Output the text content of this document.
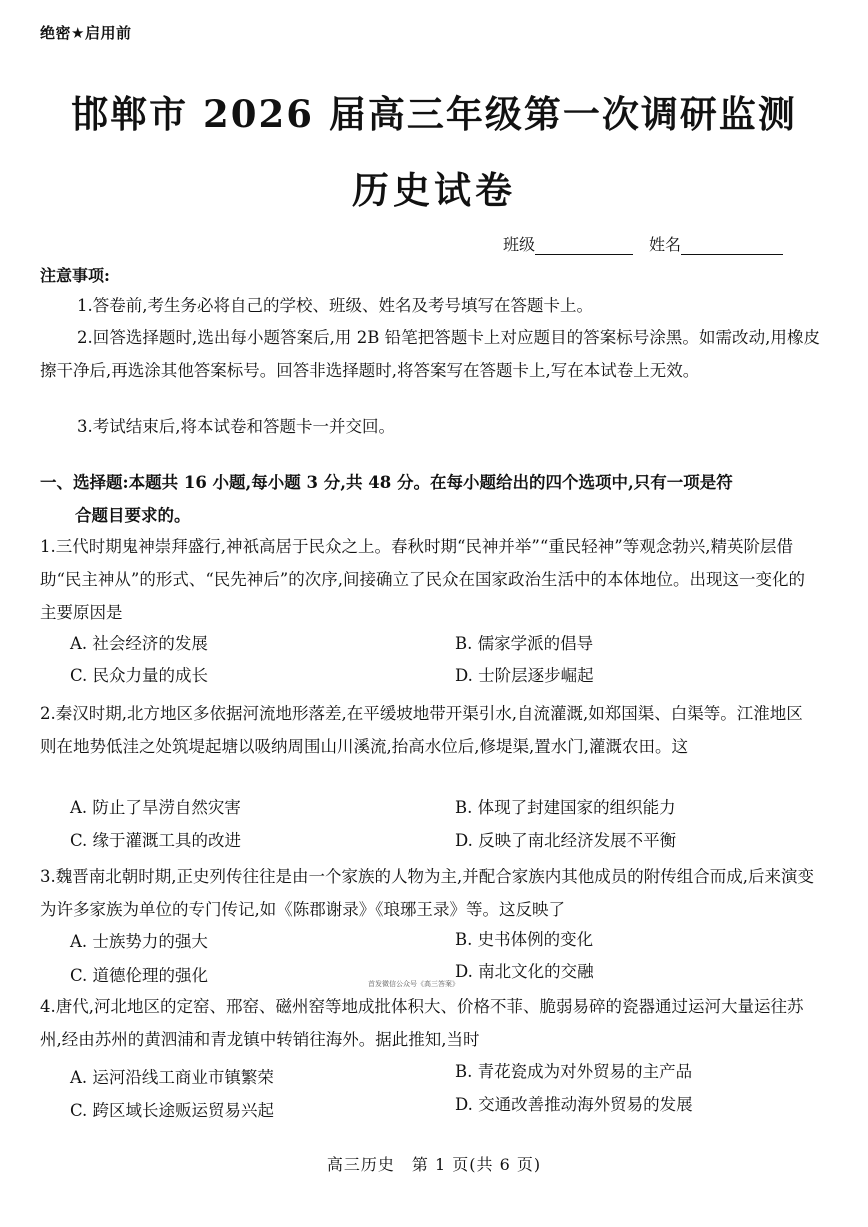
绝密★启用前
邯郸市 2026 届高三年级第一次调研监测
历史试卷
班级	姓名
注意事项:

1.答卷前,考生务必将自己的学校、班级、姓名及考号填写在答题卡上。

2.回答选择题时,选出每小题答案后,用 2B 铅笔把答题卡上对应题目的答案标号涂黑。如需改动,用橡皮擦干净后,再选涂其他答案标号。回答非选择题时,将答案写在答题卡上,写在本试卷上无效。

3.考试结束后,将本试卷和答题卡一并交回。

一、选择题:本题共 16 小题,每小题 3 分,共 48 分。在每小题给出的四个选项中,只有一项是符
合题目要求的。

1.三代时期鬼神崇拜盛行,神祇高居于民众之上。春秋时期“民神并举”“重民轻神”等观念勃兴,精英阶层借助“民主神从”的形式、“民先神后”的次序,间接确立了民众在国家政治生活中的本体地位。出现这一变化的主要原因是

A. 社会经济的发展	B. 儒家学派的倡导
C. 民众力量的成长	D. 士阶层逐步崛起

2.秦汉时期,北方地区多依据河流地形落差,在平缓坡地带开渠引水,自流灌溉,如郑国渠、白渠等。江淮地区则在地势低洼之处筑堤起塘以吸纳周围山川溪流,抬高水位后,修堤渠,置水门,灌溉农田。这

A. 防止了旱涝自然灾害	B. 体现了封建国家的组织能力
C. 缘于灌溉工具的改进	D. 反映了南北经济发展不平衡

3.魏晋南北朝时期,正史列传往往是由一个家族的人物为主,并配合家族内其他成员的附传组合而成,后来演变为许多家族为单位的专门传记,如《陈郡谢录》《琅琊王录》等。这反映了

A. 士族势力的强大	B. 史书体例的变化
C. 道德伦理的强化	D. 南北文化的交融
首发微信公众号《高三答案》

4.唐代,河北地区的定窑、邢窑、磁州窑等地成批体积大、价格不菲、脆弱易碎的瓷器通过运河大量运往苏州,经由苏州的黄泗浦和青龙镇中转销往海外。据此推知,当时

A. 运河沿线工商业市镇繁荣	B. 青花瓷成为对外贸易的主产品
C. 跨区域长途贩运贸易兴起	D. 交通改善推动海外贸易的发展
高三历史　第 1 页(共 6 页)
